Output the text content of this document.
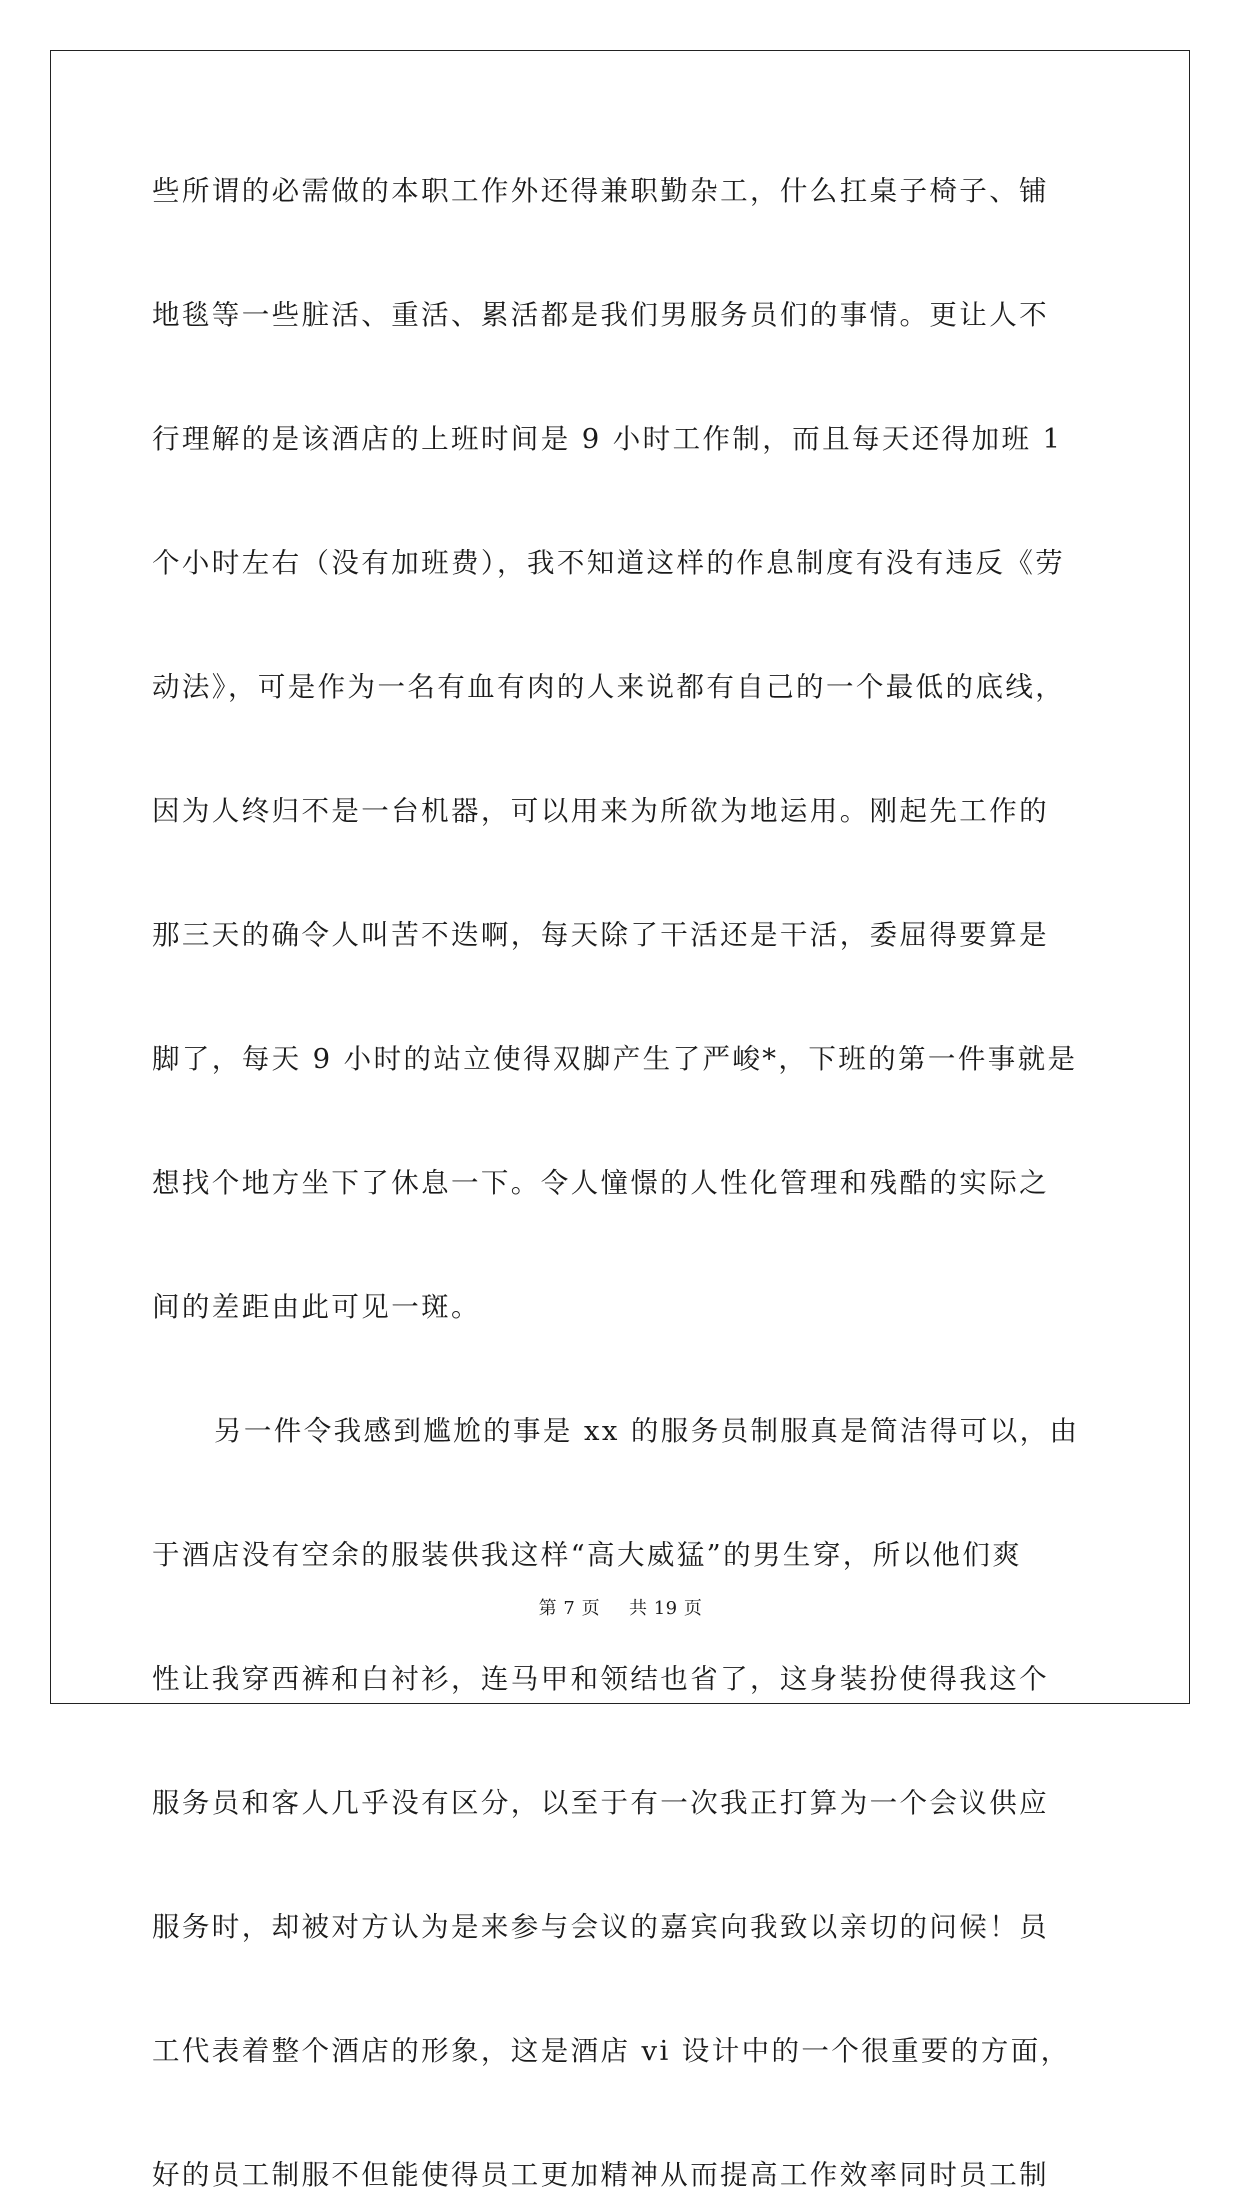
些所谓的必需做的本职工作外还得兼职勤杂工，什么扛桌子椅子、铺
地毯等一些脏活、重活、累活都是我们男服务员们的事情。更让人不
行理解的是该酒店的上班时间是 9 小时工作制，而且每天还得加班 1
个小时左右（没有加班费），我不知道这样的作息制度有没有违反《劳
动法》，可是作为一名有血有肉的人来说都有自己的一个最低的底线，
因为人终归不是一台机器，可以用来为所欲为地运用。刚起先工作的
那三天的确令人叫苦不迭啊，每天除了干活还是干活，委屈得要算是
脚了，每天 9 小时的站立使得双脚产生了严峻*，下班的第一件事就是
想找个地方坐下了休息一下。令人憧憬的人性化管理和残酷的实际之
间的差距由此可见一斑。
另一件令我感到尴尬的事是 xx 的服务员制服真是简洁得可以，由
于酒店没有空余的服装供我这样“高大威猛”的男生穿，所以他们爽
性让我穿西裤和白衬衫，连马甲和领结也省了，这身装扮使得我这个
服务员和客人几乎没有区分，以至于有一次我正打算为一个会议供应
服务时，却被对方认为是来参与会议的嘉宾向我致以亲切的问候！员
工代表着整个酒店的形象，这是酒店 vi 设计中的一个很重要的方面，
好的员工制服不但能使得员工更加精神从而提高工作效率同时员工制
第 7 页 共 19 页
